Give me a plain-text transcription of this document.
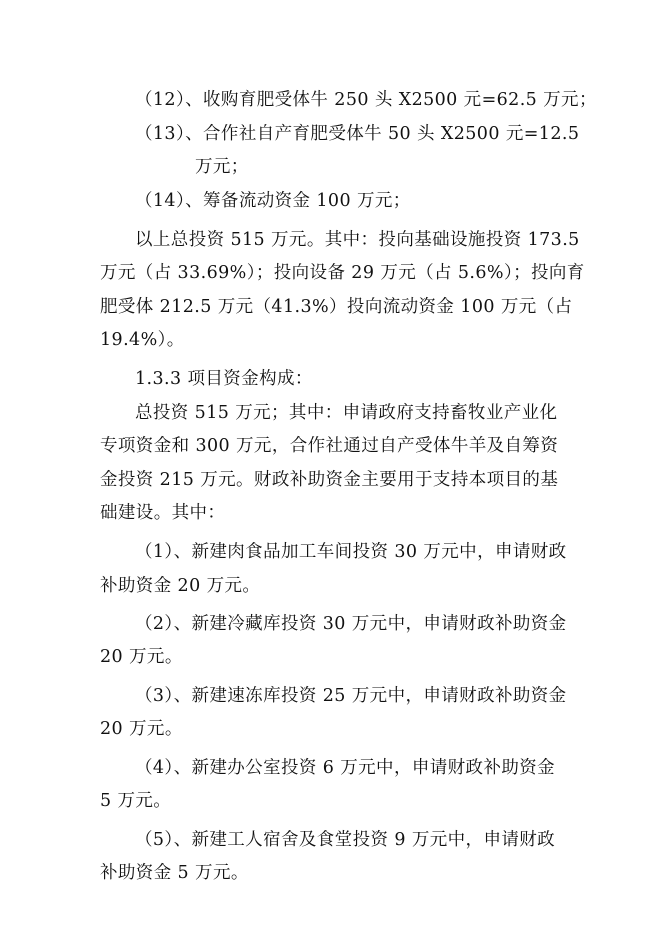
（12）、收购育肥受体牛 250 头 X2500 元=62.5 万元；
（13）、合作社自产育肥受体牛 50 头 X2500 元=12.5
万元；
（14）、筹备流动资金 100 万元；
以上总投资 515 万元。其中：投向基础设施投资 173.5
万元（占 33.69%）；投向设备 29 万元（占 5.6%）；投向育
肥受体 212.5 万元（41.3%）投向流动资金 100 万元（占
19.4%）。
1.3.3 项目资金构成：
总投资 515 万元；其中：申请政府支持畜牧业产业化
专项资金和 300 万元，合作社通过自产受体牛羊及自筹资
金投资 215 万元。财政补助资金主要用于支持本项目的基
础建设。其中：
（1）、新建肉食品加工车间投资 30 万元中，申请财政
补助资金 20 万元。
（2）、新建冷藏库投资 30 万元中，申请财政补助资金
20 万元。
（3）、新建速冻库投资 25 万元中，申请财政补助资金
20 万元。
（4）、新建办公室投资 6 万元中，申请财政补助资金
5 万元。
（5）、新建工人宿舍及食堂投资 9 万元中，申请财政
补助资金 5 万元。
